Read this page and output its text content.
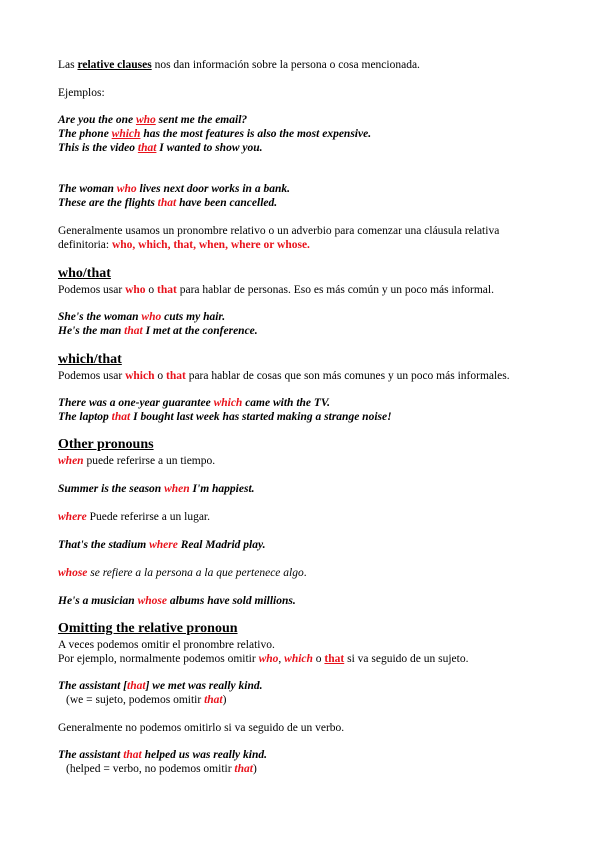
Las relative clauses nos dan información sobre la persona o cosa mencionada.

Ejemplos:

Are you the one who sent me the email?

The phone which has the most features is also the most expensive.

This is the video that I wanted to show you.

The woman who lives next door works in a bank.

These are the flights that have been cancelled.

Generalmente usamos un pronombre relativo o un adverbio para comenzar una cláusula relativa definitoria: who, which, that, when, where or whose.

who/that

Podemos usar who o that para hablar de personas. Eso es más común y un poco más informal.

She's the woman who cuts my hair.

He's the man that I met at the conference.

which/that

Podemos usar which o that para hablar de cosas que son más comunes y un poco más informales.

There was a one-year guarantee which came with the TV.

The laptop that I bought last week has started making a strange noise!

Other pronouns

when puede referirse a un tiempo.

Summer is the season when I'm happiest.

where Puede referirse a un lugar.

That's the stadium where Real Madrid play.

whose se refiere a la persona a la que pertenece algo.

He's a musician whose albums have sold millions.

Omitting the relative pronoun

A veces podemos omitir el pronombre relativo.

Por ejemplo, normalmente podemos omitir who, which o that si va seguido de un sujeto.

The assistant [that] we met was really kind.

(we = sujeto, podemos omitir that)

Generalmente no podemos omitirlo si va seguido de un verbo.

The assistant that helped us was really kind.

(helped = verbo, no podemos omitir that)
